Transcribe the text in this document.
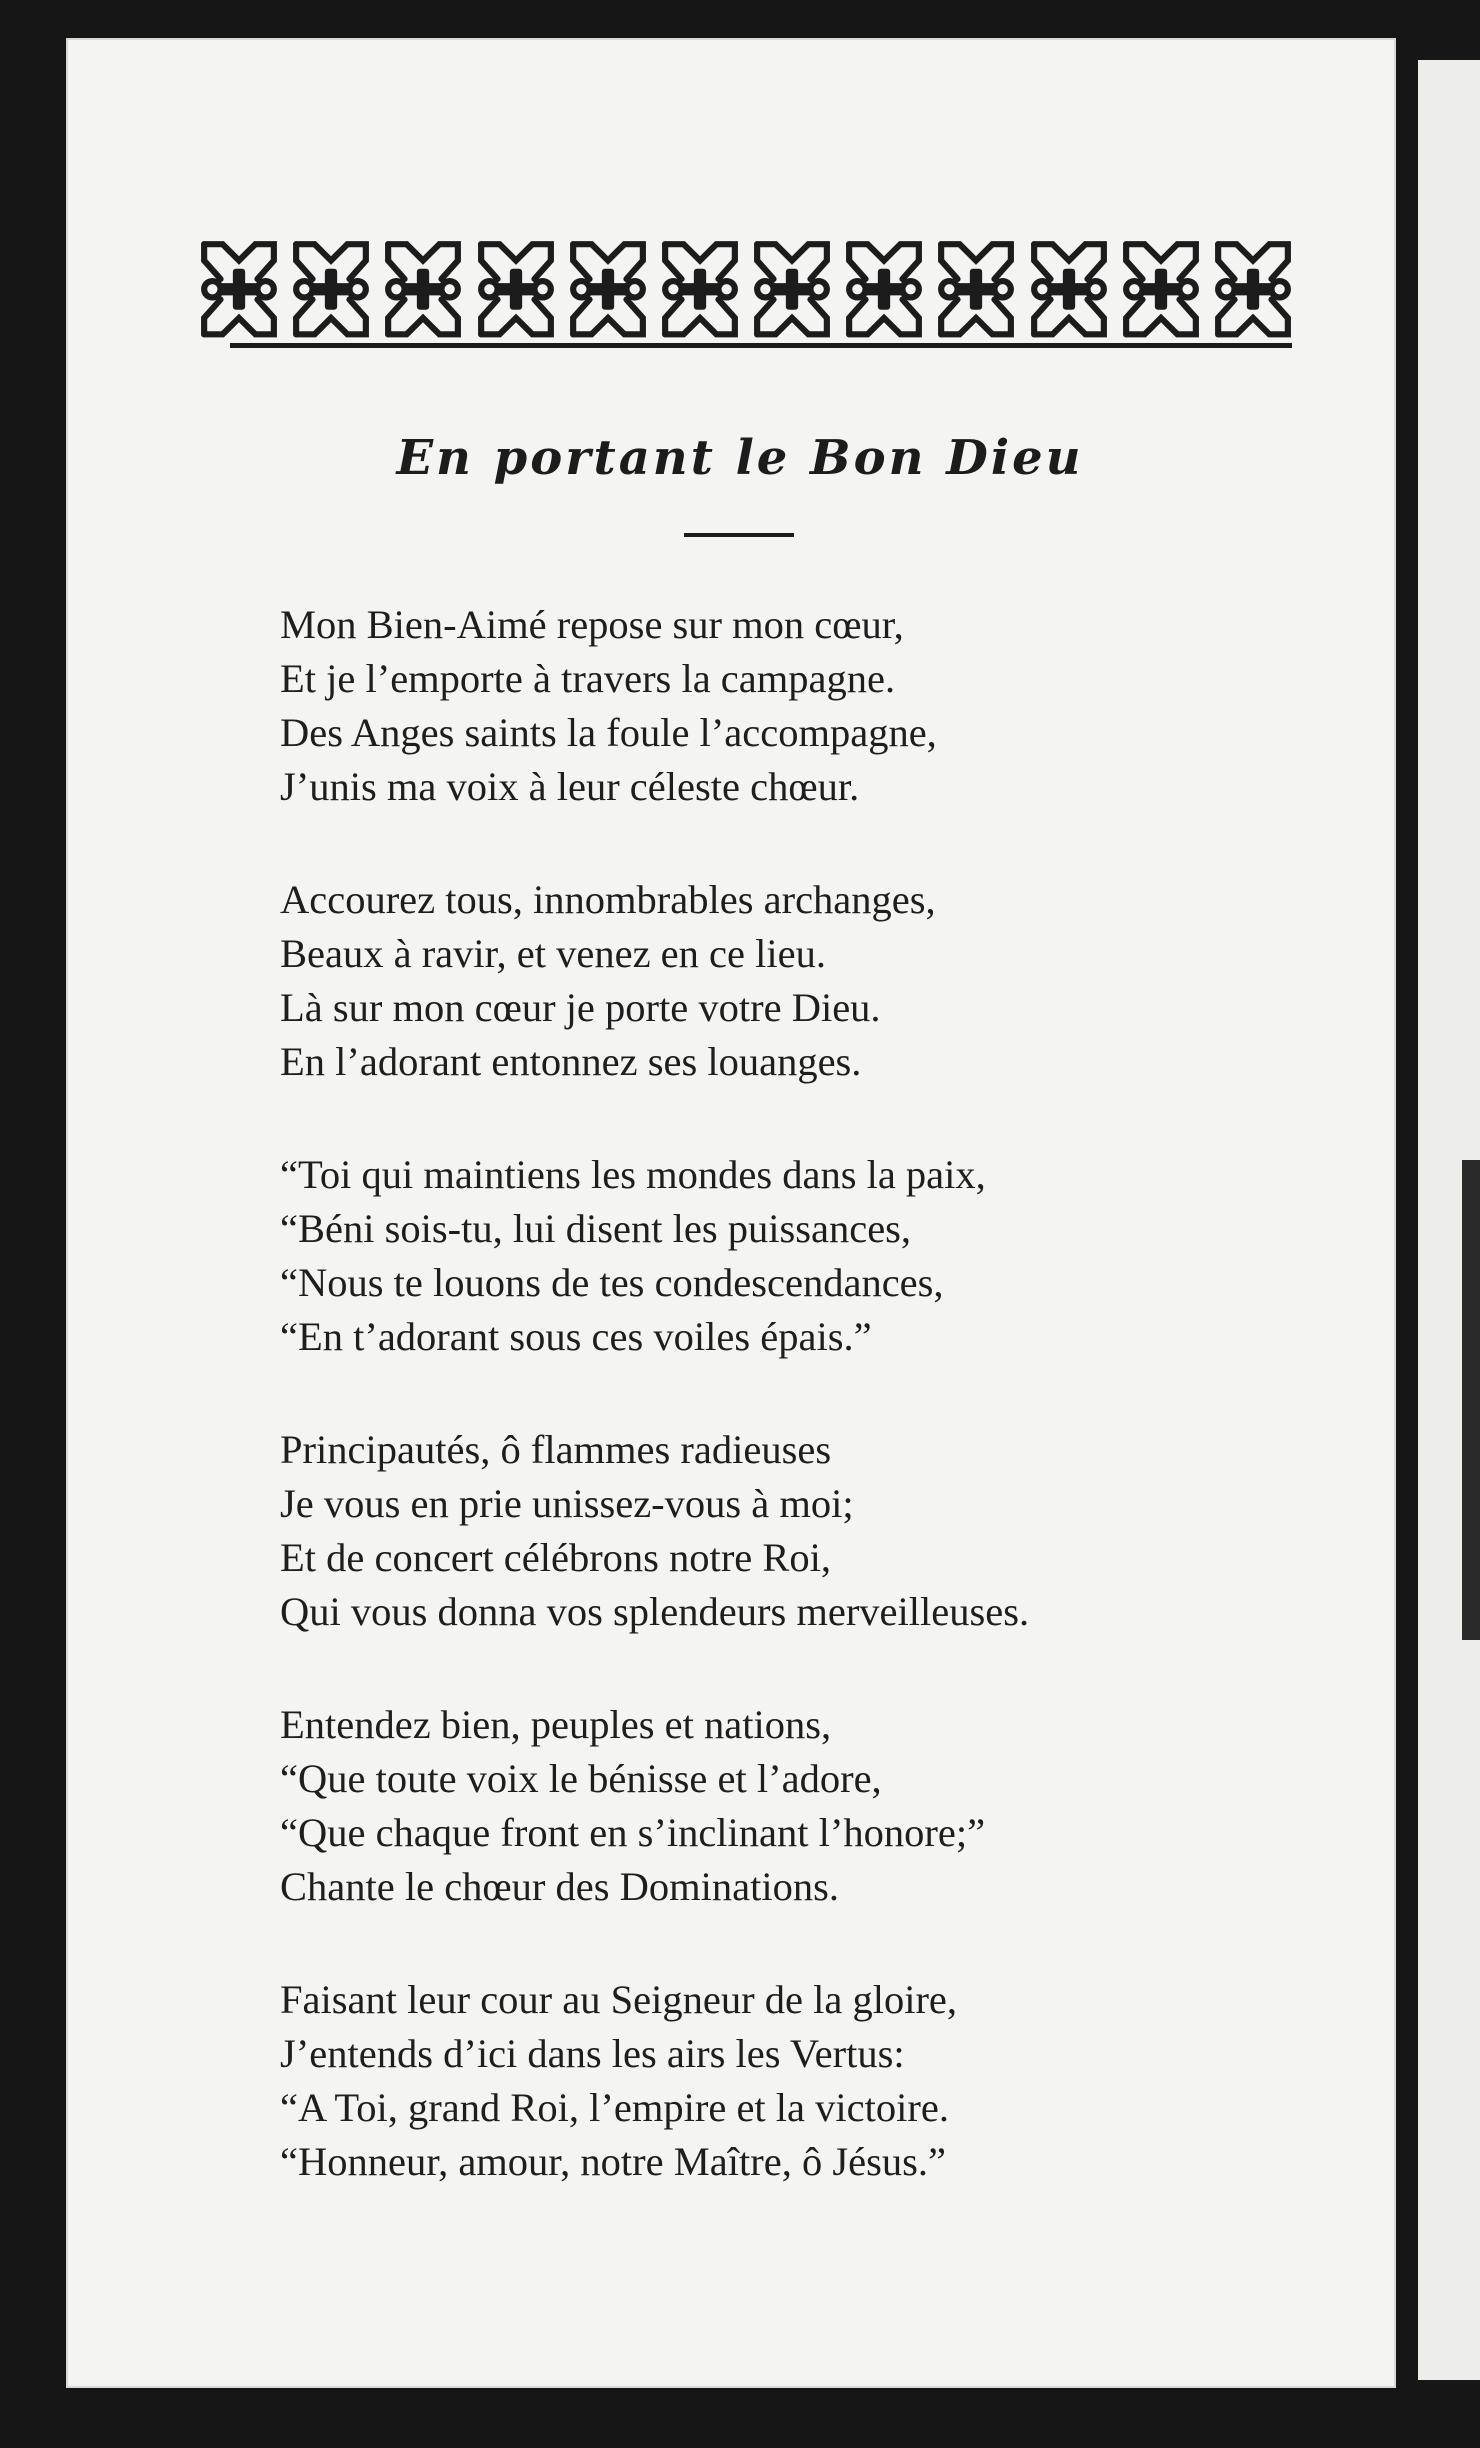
En portant le Bon Dieu
Mon Bien-Aimé repose sur mon cœur,
Et je l’emporte à travers la campagne.
Des Anges saints la foule l’accompagne,
J’unis ma voix à leur céleste chœur.
Accourez tous, innombrables archanges,
Beaux à ravir, et venez en ce lieu.
Là sur mon cœur je porte votre Dieu.
En l’adorant entonnez ses louanges.
“Toi qui maintiens les mondes dans la paix,
“Béni sois-tu, lui disent les puissances,
“Nous te louons de tes condescendances,
“En t’adorant sous ces voiles épais.”
Principautés, ô flammes radieuses
Je vous en prie unissez-vous à moi;
Et de concert célébrons notre Roi,
Qui vous donna vos splendeurs merveilleuses.
Entendez bien, peuples et nations,
“Que toute voix le bénisse et l’adore,
“Que chaque front en s’inclinant l’honore;”
Chante le chœur des Dominations.
Faisant leur cour au Seigneur de la gloire,
J’entends d’ici dans les airs les Vertus:
“A Toi, grand Roi, l’empire et la victoire.
“Honneur, amour, notre Maître, ô Jésus.”
